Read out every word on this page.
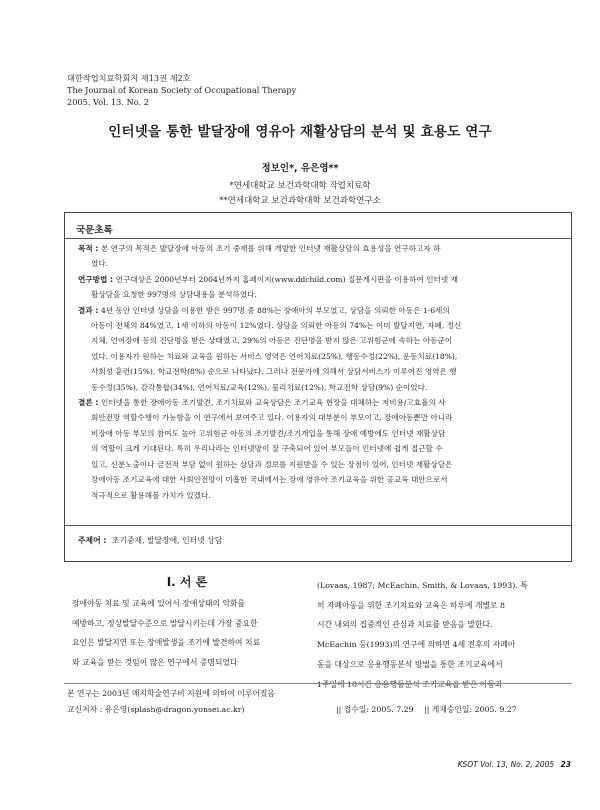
대한작업치료학회지 제13권 제2호
The Journal of Korean Society of Occupational Therapy
2005. Vol. 13. No. 2
인터넷을 통한 발달장애 영유아 재활상담의 분석 및 효용도 연구
정보인*, 유은영**
*연세대학교 보건과학대학 작업치료학
**연세대학교 보건과학대학 보건과학연구소
국문초록
목적 : 본 연구의 목적은 발달장애 아동의 조기 중재를 위해 개발한 인터넷 재활상담의 효용성을 연구하고자 하
였다.
연구방법 : 연구대상은 2000년부터 2004년까지 홈페이지(www.ddchild.com) 질문게시판을 이용하여 인터넷 재
활상담을 요청한 997명의 상담내용을 분석하였다.
결과 : 4년 동안 인터넷 상담을 이용한 받은 997명 중 88%는 장애아의 부모였고, 상담을 의뢰한 아동은 1-6세의
아동이 전체의 84%였고, 1세 이하의 아동이 12%였다. 상담을 의뢰한 아동의 74%는 이미 발달지연, 자폐, 정신
지체, 언어장애 등의 진단명을 받은 상태였고, 29%의 아동은 진단명을 받지 않은 고위험군에 속하는 아동군이
었다. 이용자가 원하는 치료와 교육을 원하는 서비스 영역은 언어치료(25%), 행동수정(22%), 운동치료(18%),
사회성 훈련(15%), 학교전학(8%) 순으로 나타났다. 그러나 전문가에 의해서 상담서비스가 이루어진 영역은 행
동수정(35%), 감각통합(34%), 언어치료/교육(12%), 물리치료(12%), 학교전학 상담(9%) 순이었다.
결론 : 인터넷을 통한 장애아동 조기발견, 조기치료와 교육상담은 조기교육 현장을 대체하는 저비용/고효율의 사
회안전망 역할수행이 가능함을 이 연구에서 보여주고 있다. 이용자의 대부분이 부모이고, 장애아동뿐만 아니라
비장애 아동 부모의 참여도 높아 고위험군 아동의 조기발견/조기개입을 통해 장애 예방에도 인터넷 재활상담
의 역할이 크게 기대된다. 특히 우리나라는 인터넷망이 잘 구축되어 있어 부모들이 인터넷에 쉽게 접근할 수
있고, 신분노출이나 금전적 부담 없이 원하는 상담과 정보를 지원받을 수 있는 장점이 있어, 인터넷 재활상담은
장애아동 조기교육에 대한 사회안전망이 미흡한 국내에서는 장애 영유아 조기교육을 위한 공교육 대안으로서
적극적으로 활용해볼 가치가 있겠다.
주제어 : 조기중재, 발달장애, 인터넷 상담
I. 서 론
장애아동 치료 및 교육에 있어서 장애상태의 악화를
예방하고, 정상발달수준으로 발달시키는데 가장 중요한
요인은 발달지연 또는 장애발생을 조기에 발견하여 치료
와 교육을 받는 것임이 많은 연구에서 증명되었다
(Lovaas, 1987; McEachin, Smith, & Lovaas, 1993). 특
히 자폐아동을 위한 조기치료와 교육은 하루에 개별로 8
시간 내외의 집중적인 관심과 치료를 받음을 말한다.
McEachin 등(1993)의 연구에 의하면 4세 전후의 자폐아
동을 대상으로 응용행동분석 방법을 통한 조기교육에서
1주일에 10시간 응용행동분석 조기교육을 받은 아동과
본 연구는 2003년 메지학술연구비 지원에 의하여 이루어졌음
교신저자 : 유은영(splash@dragon.yonsei.ac.kr)	|| 접수일: 2005. 7.29 || 게재승인일: 2005. 9.27
KSOT Vol. 13, No. 2, 2005 23
